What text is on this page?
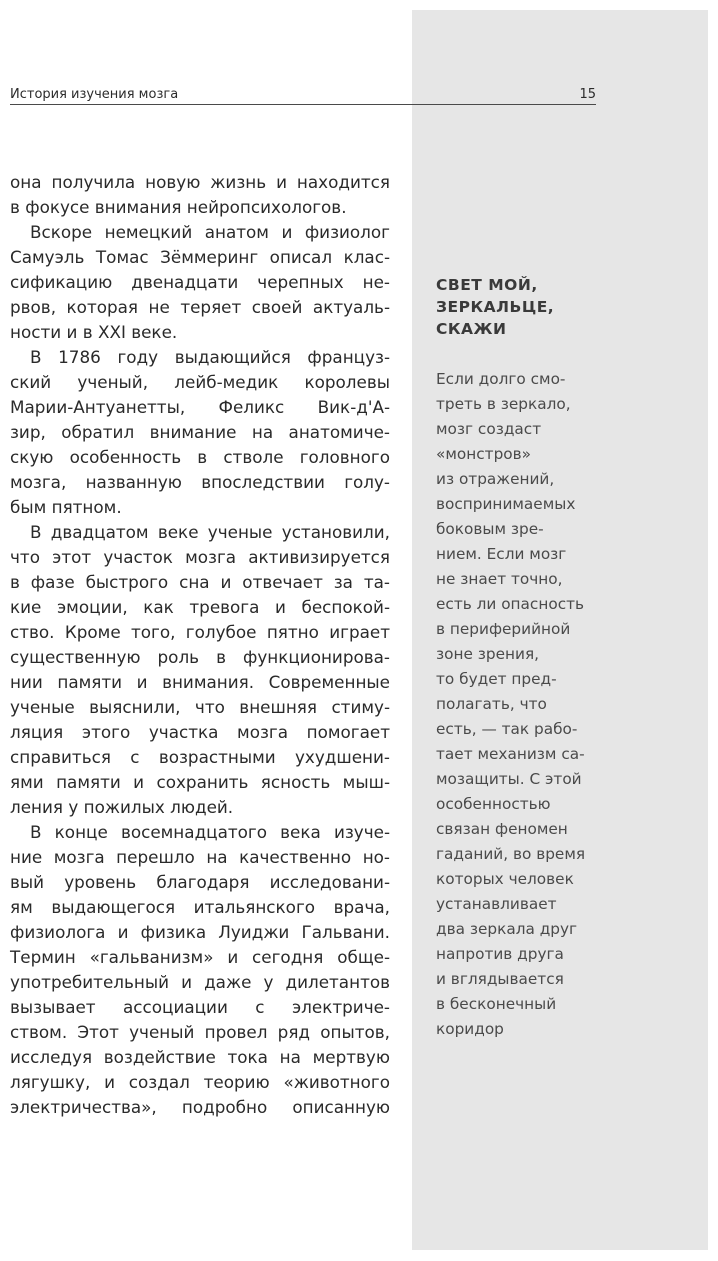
История изучения мозга	15
она получила новую жизнь и находится
в фокусе внимания нейропсихологов.
Вскоре немецкий анатом и физиолог
Самуэль Томас Зёммеринг описал клас-
сификацию двенадцати черепных не-
рвов, которая не теряет своей актуаль-
ности и в XXI веке.
В 1786 году выдающийся француз-
ский ученый, лейб-медик королевы
Марии-Антуанетты, Феликс Вик-д'А-
зир, обратил внимание на анатомиче-
скую особенность в стволе головного
мозга, названную впоследствии голу-
бым пятном.
В двадцатом веке ученые установили,
что этот участок мозга активизируется
в фазе быстрого сна и отвечает за та-
кие эмоции, как тревога и беспокой-
ство. Кроме того, голубое пятно играет
существенную роль в функционирова-
нии памяти и внимания. Современные
ученые выяснили, что внешняя стиму-
ляция этого участка мозга помогает
справиться с возрастными ухудшени-
ями памяти и сохранить ясность мыш-
ления у пожилых людей.
В конце восемнадцатого века изуче-
ние мозга перешло на качественно но-
вый уровень благодаря исследовани-
ям выдающегося итальянского врача,
физиолога и физика Луиджи Гальвани.
Термин «гальванизм» и сегодня обще-
употребительный и даже у дилетантов
вызывает ассоциации с электриче-
ством. Этот ученый провел ряд опытов,
исследуя воздействие тока на мертвую
лягушку, и создал теорию «животного
электричества», подробно описанную
СВЕТ МОЙ,
ЗЕРКАЛЬЦЕ,
СКАЖИ
Если долго смо-
треть в зеркало,
мозг создаст
«монстров»
из отражений,
воспринимаемых
боковым зре-
нием. Если мозг
не знает точно,
есть ли опасность
в периферийной
зоне зрения,
то будет пред-
полагать, что
есть, — так рабо-
тает механизм са-
мозащиты. С этой
особенностью
связан феномен
гаданий, во время
которых человек
устанавливает
два зеркала друг
напротив друга
и вглядывается
в бесконечный
коридор
